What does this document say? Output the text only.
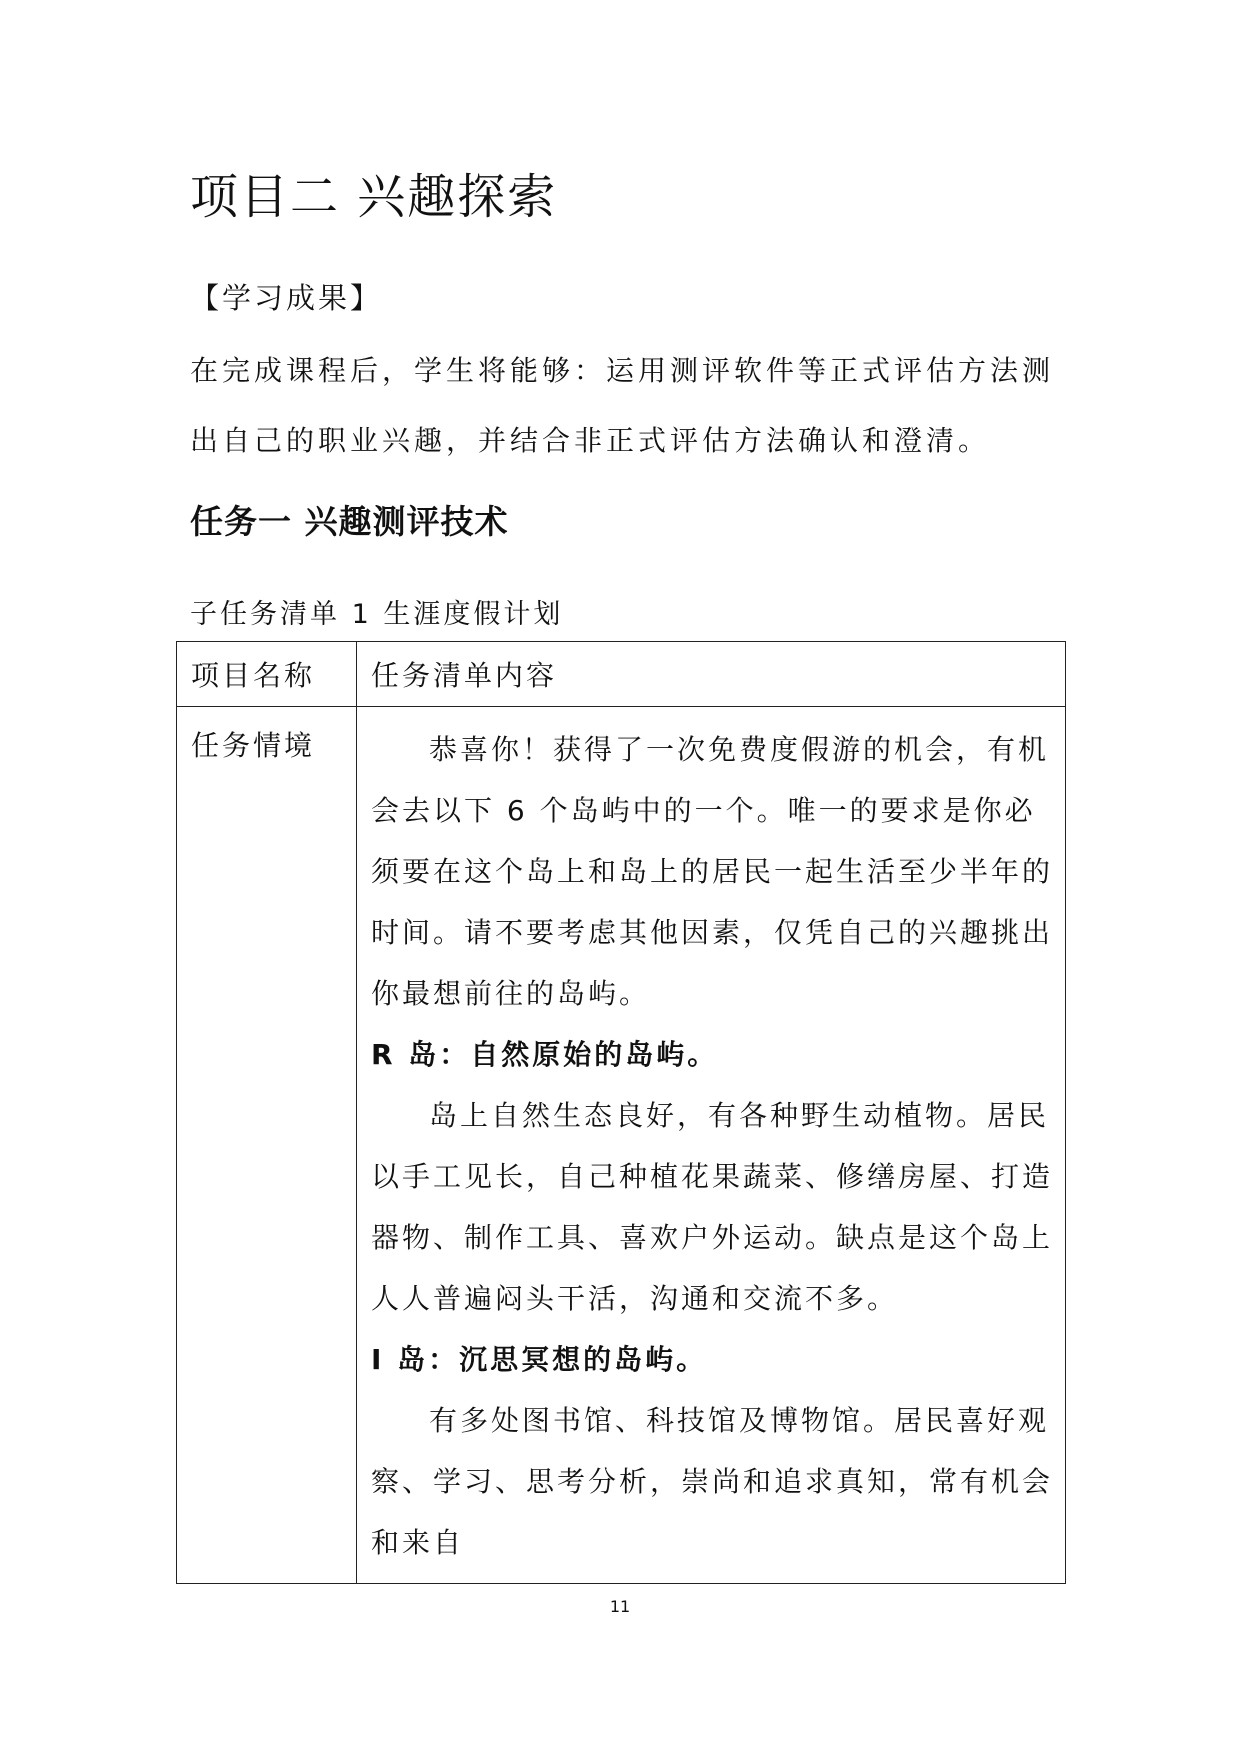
项目二 兴趣探索

【学习成果】

在完成课程后，学生将能够：运用测评软件等正式评估方法测出自己的职业兴趣，并结合非正式评估方法确认和澄清。

任务一 兴趣测评技术

子任务清单 1 生涯度假计划

项目名称	任务清单内容
任务情境	恭喜你！获得了一次免费度假游的机会，有机会去以下 6 个岛屿中的一个。唯一的要求是你必须要在这个岛上和岛上的居民一起生活至少半年的时间。请不要考虑其他因素，仅凭自己的兴趣挑出你最想前往的岛屿。

R 岛：自然原始的岛屿。

岛上自然生态良好，有各种野生动植物。居民以手工见长，自己种植花果蔬菜、修缮房屋、打造器物、制作工具、喜欢户外运动。缺点是这个岛上人人普遍闷头干活，沟通和交流不多。

I 岛：沉思冥想的岛屿。

有多处图书馆、科技馆及博物馆。居民喜好观察、学习、思考分析，崇尚和追求真知，常有机会和来自

11
